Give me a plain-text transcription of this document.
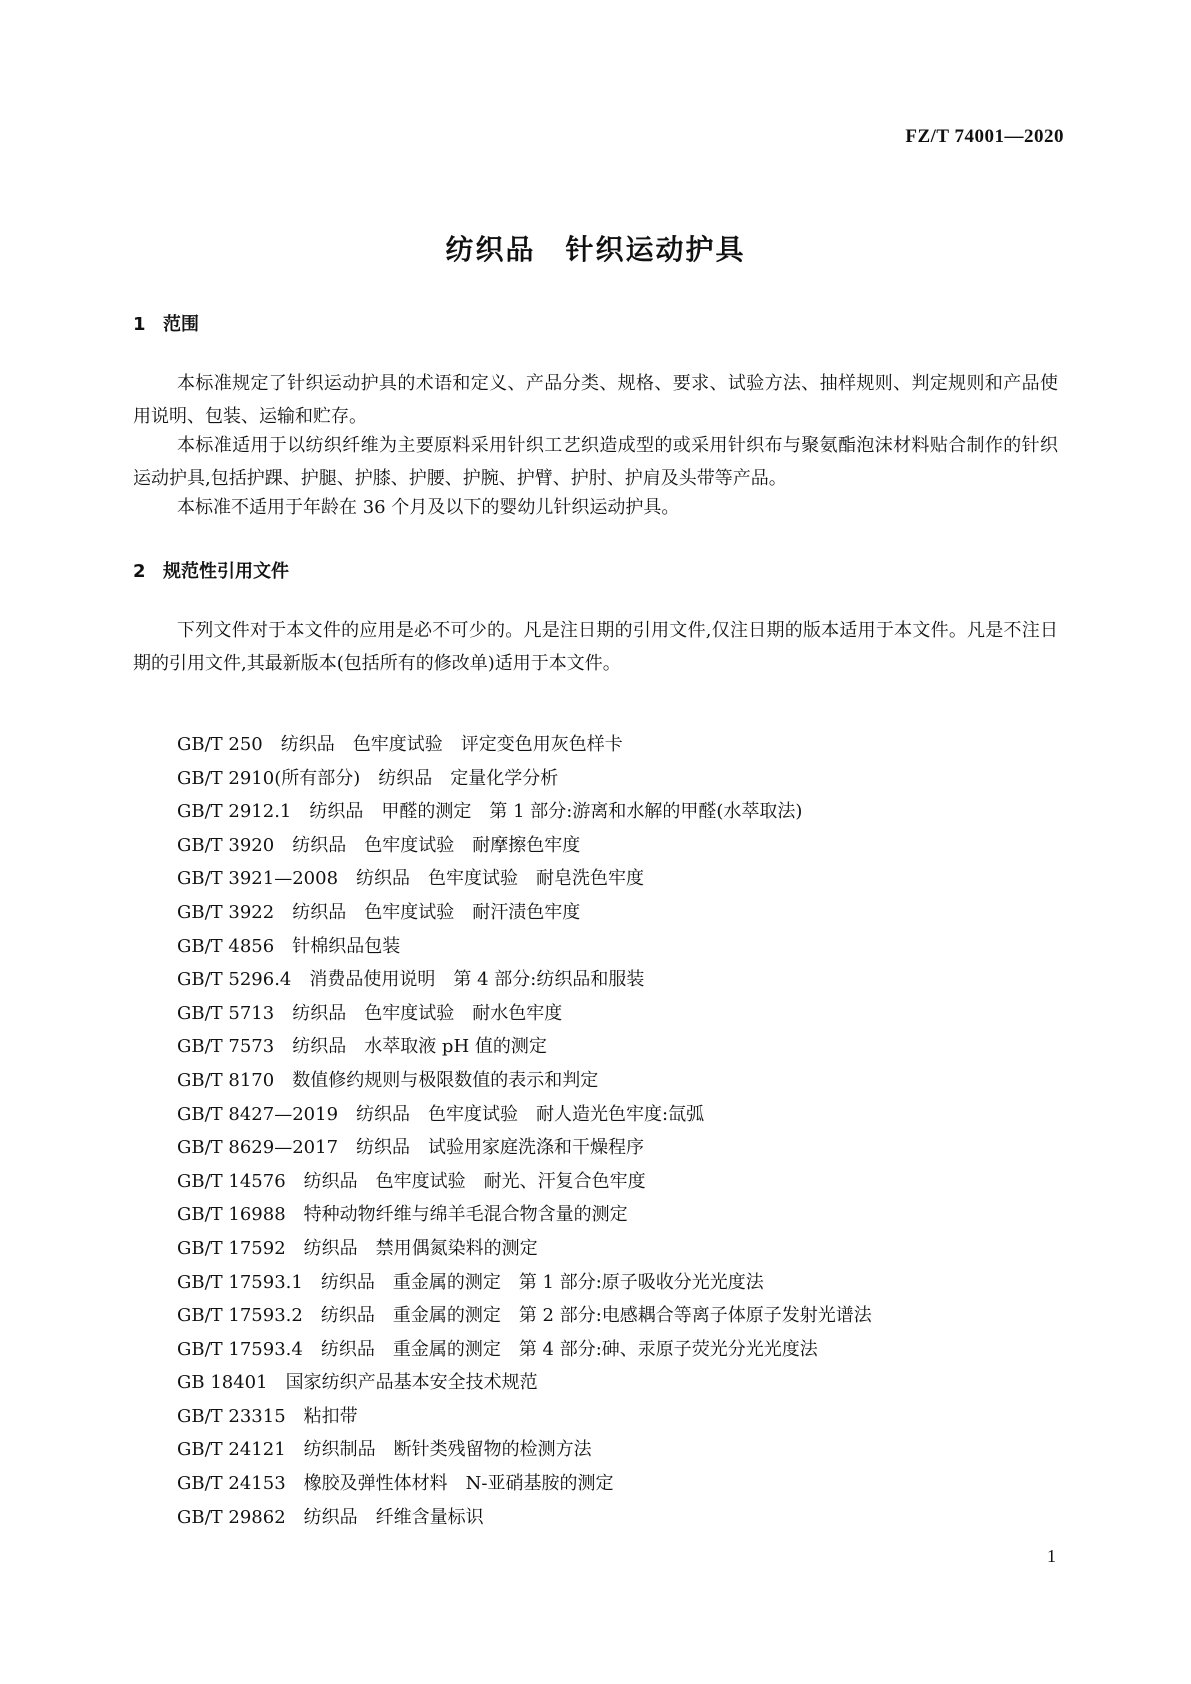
FZ/T 74001—2020
纺织品　针织运动护具
1 范围
本标准规定了针织运动护具的术语和定义、产品分类、规格、要求、试验方法、抽样规则、判定规则和产品使用说明、包装、运输和贮存。
本标准适用于以纺织纤维为主要原料采用针织工艺织造成型的或采用针织布与聚氨酯泡沫材料贴合制作的针织运动护具,包括护踝、护腿、护膝、护腰、护腕、护臂、护肘、护肩及头带等产品。
本标准不适用于年龄在 36 个月及以下的婴幼儿针织运动护具。
2 规范性引用文件
下列文件对于本文件的应用是必不可少的。凡是注日期的引用文件,仅注日期的版本适用于本文件。凡是不注日期的引用文件,其最新版本(包括所有的修改单)适用于本文件。
GB/T 250　纺织品　色牢度试验　评定变色用灰色样卡
GB/T 2910(所有部分)　纺织品　定量化学分析
GB/T 2912.1　纺织品　甲醛的测定　第 1 部分:游离和水解的甲醛(水萃取法)
GB/T 3920　纺织品　色牢度试验　耐摩擦色牢度
GB/T 3921—2008　纺织品　色牢度试验　耐皂洗色牢度
GB/T 3922　纺织品　色牢度试验　耐汗渍色牢度
GB/T 4856　针棉织品包装
GB/T 5296.4　消费品使用说明　第 4 部分:纺织品和服装
GB/T 5713　纺织品　色牢度试验　耐水色牢度
GB/T 7573　纺织品　水萃取液 pH 值的测定
GB/T 8170　数值修约规则与极限数值的表示和判定
GB/T 8427—2019　纺织品　色牢度试验　耐人造光色牢度:氙弧
GB/T 8629—2017　纺织品　试验用家庭洗涤和干燥程序
GB/T 14576　纺织品　色牢度试验　耐光、汗复合色牢度
GB/T 16988　特种动物纤维与绵羊毛混合物含量的测定
GB/T 17592　纺织品　禁用偶氮染料的测定
GB/T 17593.1　纺织品　重金属的测定　第 1 部分:原子吸收分光光度法
GB/T 17593.2　纺织品　重金属的测定　第 2 部分:电感耦合等离子体原子发射光谱法
GB/T 17593.4　纺织品　重金属的测定　第 4 部分:砷、汞原子荧光分光光度法
GB 18401　国家纺织产品基本安全技术规范
GB/T 23315　粘扣带
GB/T 24121　纺织制品　断针类残留物的检测方法
GB/T 24153　橡胶及弹性体材料　N-亚硝基胺的测定
GB/T 29862　纺织品　纤维含量标识
1
